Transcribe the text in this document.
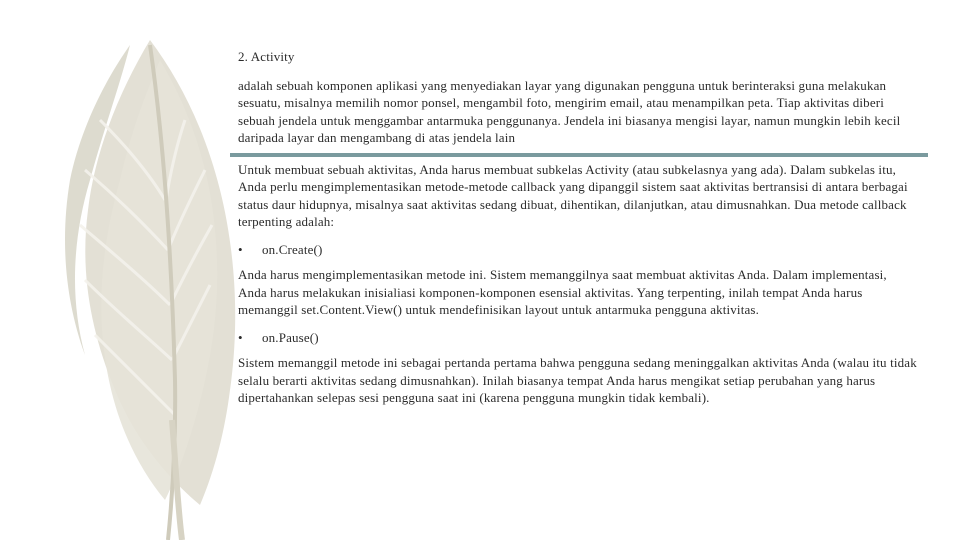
2. Activity

adalah sebuah komponen aplikasi yang menyediakan layar yang digunakan pengguna untuk berinteraksi guna melakukan sesuatu, misalnya memilih nomor ponsel, mengambil foto, mengirim email, atau menampilkan peta. Tiap aktivitas diberi sebuah jendela untuk menggambar antarmuka penggunanya. Jendela ini biasanya mengisi layar, namun mungkin lebih kecil daripada layar dan mengambang di atas jendela lain

Untuk membuat sebuah aktivitas, Anda harus membuat subkelas Activity (atau subkelasnya yang ada). Dalam subkelas itu, Anda perlu mengimplementasikan metode-metode callback yang dipanggil sistem saat aktivitas bertransisi di antara berbagai status daur hidupnya, misalnya saat aktivitas sedang dibuat, dihentikan, dilanjutkan, atau dimusnahkan. Dua metode callback terpenting adalah:

•	on.Create()

Anda harus mengimplementasikan metode ini. Sistem memanggilnya saat membuat aktivitas Anda. Dalam implementasi, Anda harus melakukan inisialiasi komponen-komponen esensial aktivitas. Yang terpenting, inilah tempat Anda harus memanggil set.Content.View() untuk mendefinisikan layout untuk antarmuka pengguna aktivitas.

•	on.Pause()

Sistem memanggil metode ini sebagai pertanda pertama bahwa pengguna sedang meninggalkan aktivitas Anda (walau itu tidak selalu berarti aktivitas sedang dimusnahkan). Inilah biasanya tempat Anda harus mengikat setiap perubahan yang harus dipertahankan selepas sesi pengguna saat ini (karena pengguna mungkin tidak kembali).
